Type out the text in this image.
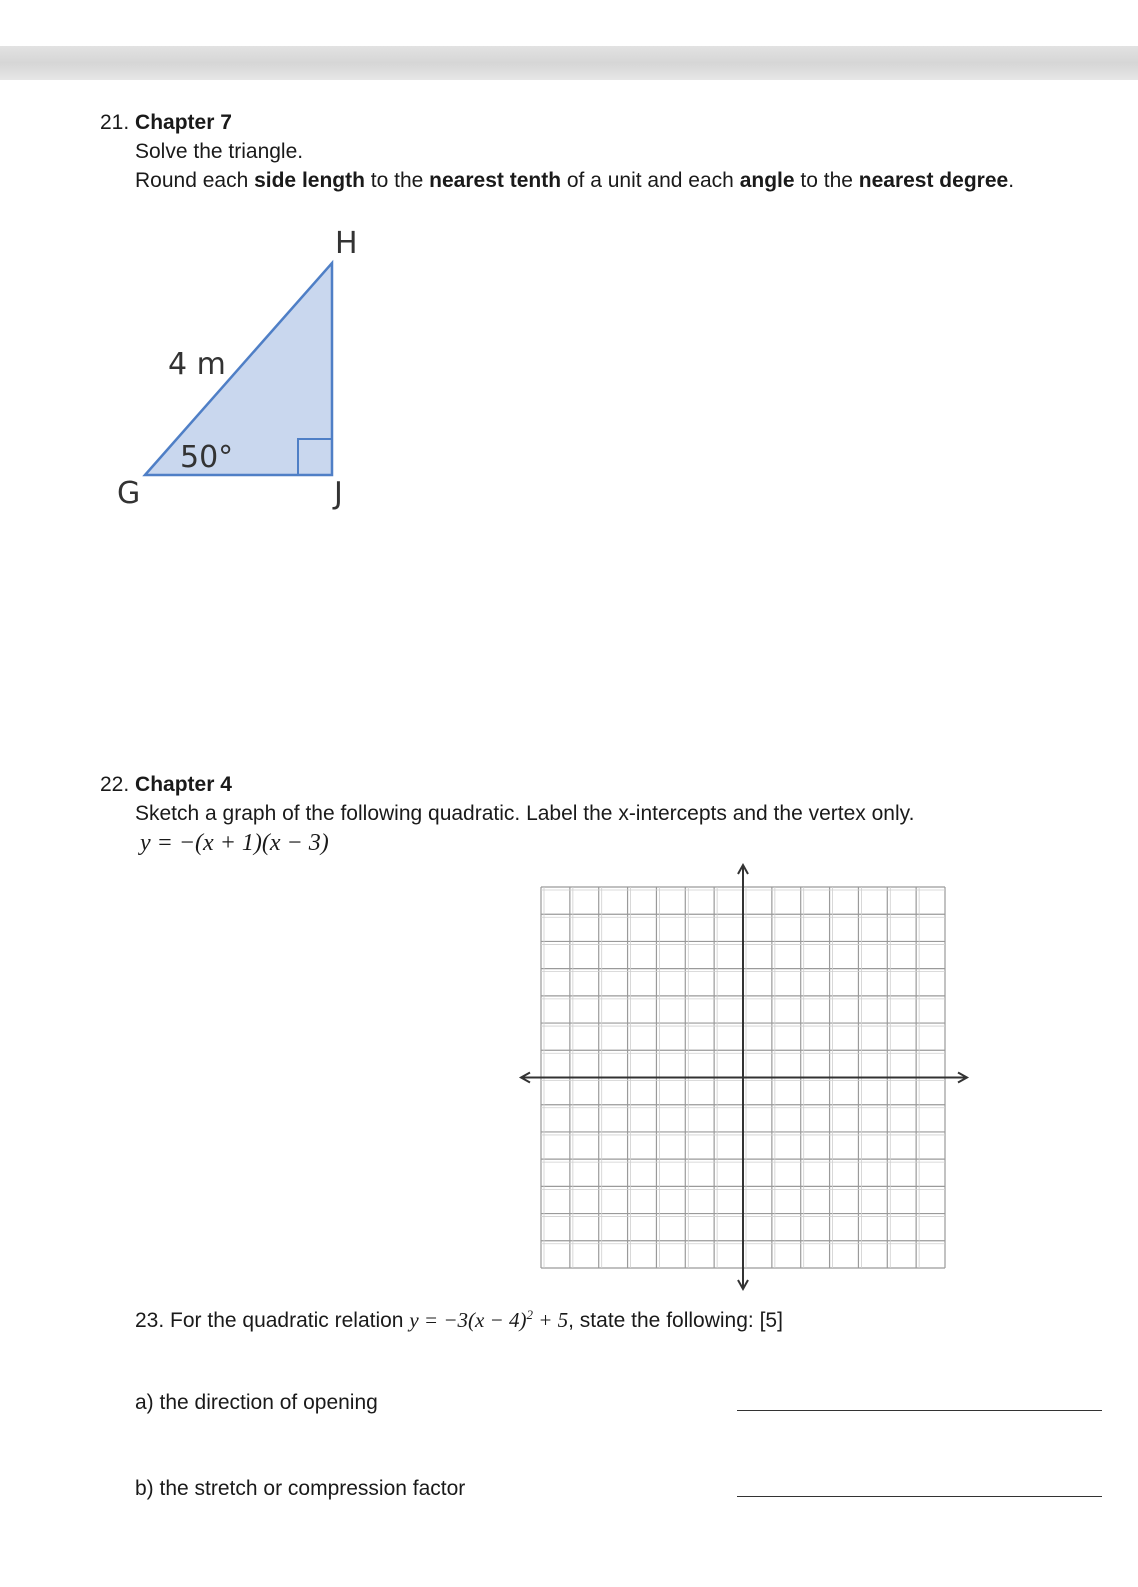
21. Chapter 7
Solve the triangle.
Round each side length to the nearest tenth of a unit and each angle to the nearest degree.
H
G	J
4 m
50°
22. Chapter 4
Sketch a graph of the following quadratic. Label the x-intercepts and the vertex only.
y = −(x + 1)(x − 3)
23. For the quadratic relation $y = -3(x - 4)^2 + 5$, state the following: [5]
a) the direction of opening
b) the stretch or compression factor
